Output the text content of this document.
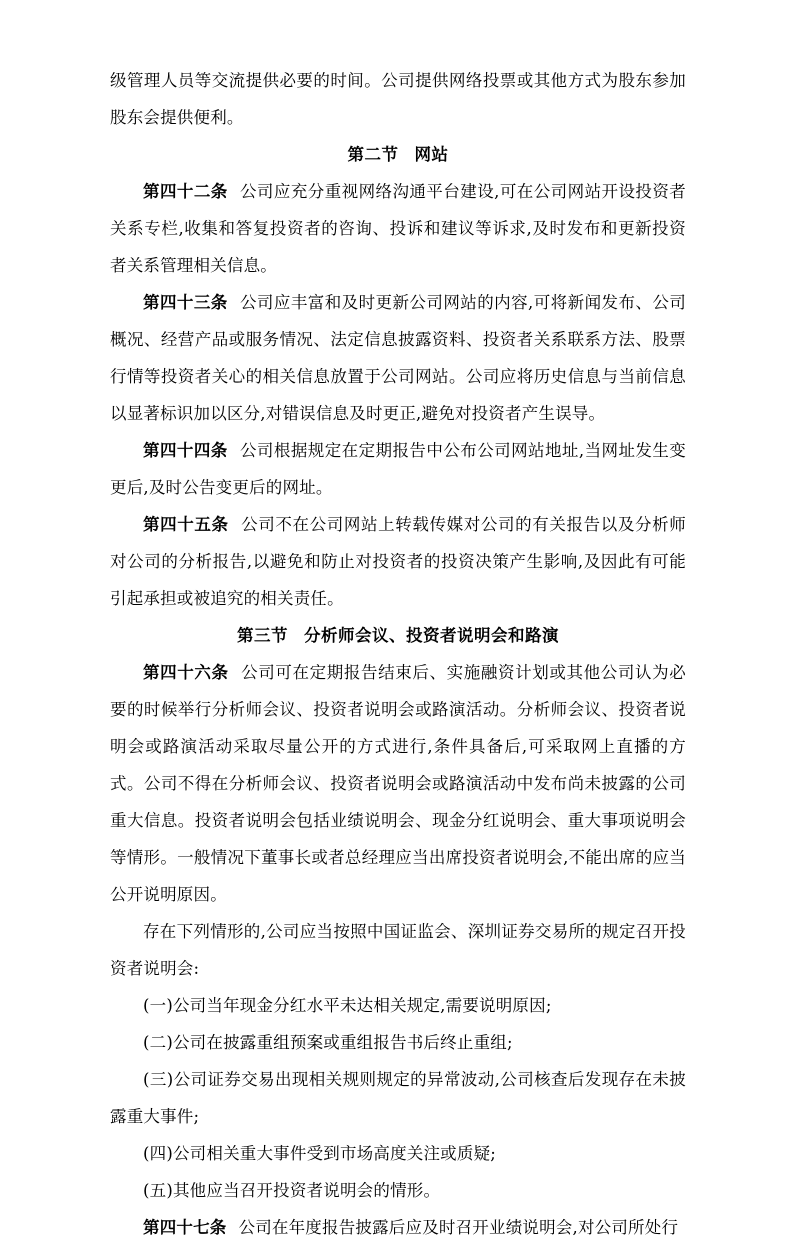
级管理人员等交流提供必要的时间。公司提供网络投票或其他方式为股东参加股东会提供便利。

第二节 网站

第四十二条 公司应充分重视网络沟通平台建设,可在公司网站开设投资者关系专栏,收集和答复投资者的咨询、投诉和建议等诉求,及时发布和更新投资者关系管理相关信息。

第四十三条 公司应丰富和及时更新公司网站的内容,可将新闻发布、公司概况、经营产品或服务情况、法定信息披露资料、投资者关系联系方法、股票行情等投资者关心的相关信息放置于公司网站。公司应将历史信息与当前信息以显著标识加以区分,对错误信息及时更正,避免对投资者产生误导。

第四十四条 公司根据规定在定期报告中公布公司网站地址,当网址发生变更后,及时公告变更后的网址。

第四十五条 公司不在公司网站上转载传媒对公司的有关报告以及分析师对公司的分析报告,以避免和防止对投资者的投资决策产生影响,及因此有可能引起承担或被追究的相关责任。

第三节 分析师会议、投资者说明会和路演

第四十六条 公司可在定期报告结束后、实施融资计划或其他公司认为必要的时候举行分析师会议、投资者说明会或路演活动。分析师会议、投资者说明会或路演活动采取尽量公开的方式进行,条件具备后,可采取网上直播的方式。公司不得在分析师会议、投资者说明会或路演活动中发布尚未披露的公司重大信息。投资者说明会包括业绩说明会、现金分红说明会、重大事项说明会等情形。一般情况下董事长或者总经理应当出席投资者说明会,不能出席的应当公开说明原因。

存在下列情形的,公司应当按照中国证监会、深圳证券交易所的规定召开投资者说明会:

(一)公司当年现金分红水平未达相关规定,需要说明原因;

(二)公司在披露重组预案或重组报告书后终止重组;

(三)公司证券交易出现相关规则规定的异常波动,公司核查后发现存在未披露重大事件;

(四)公司相关重大事件受到市场高度关注或质疑;

(五)其他应当召开投资者说明会的情形。

第四十七条 公司在年度报告披露后应及时召开业绩说明会,对公司所处行
